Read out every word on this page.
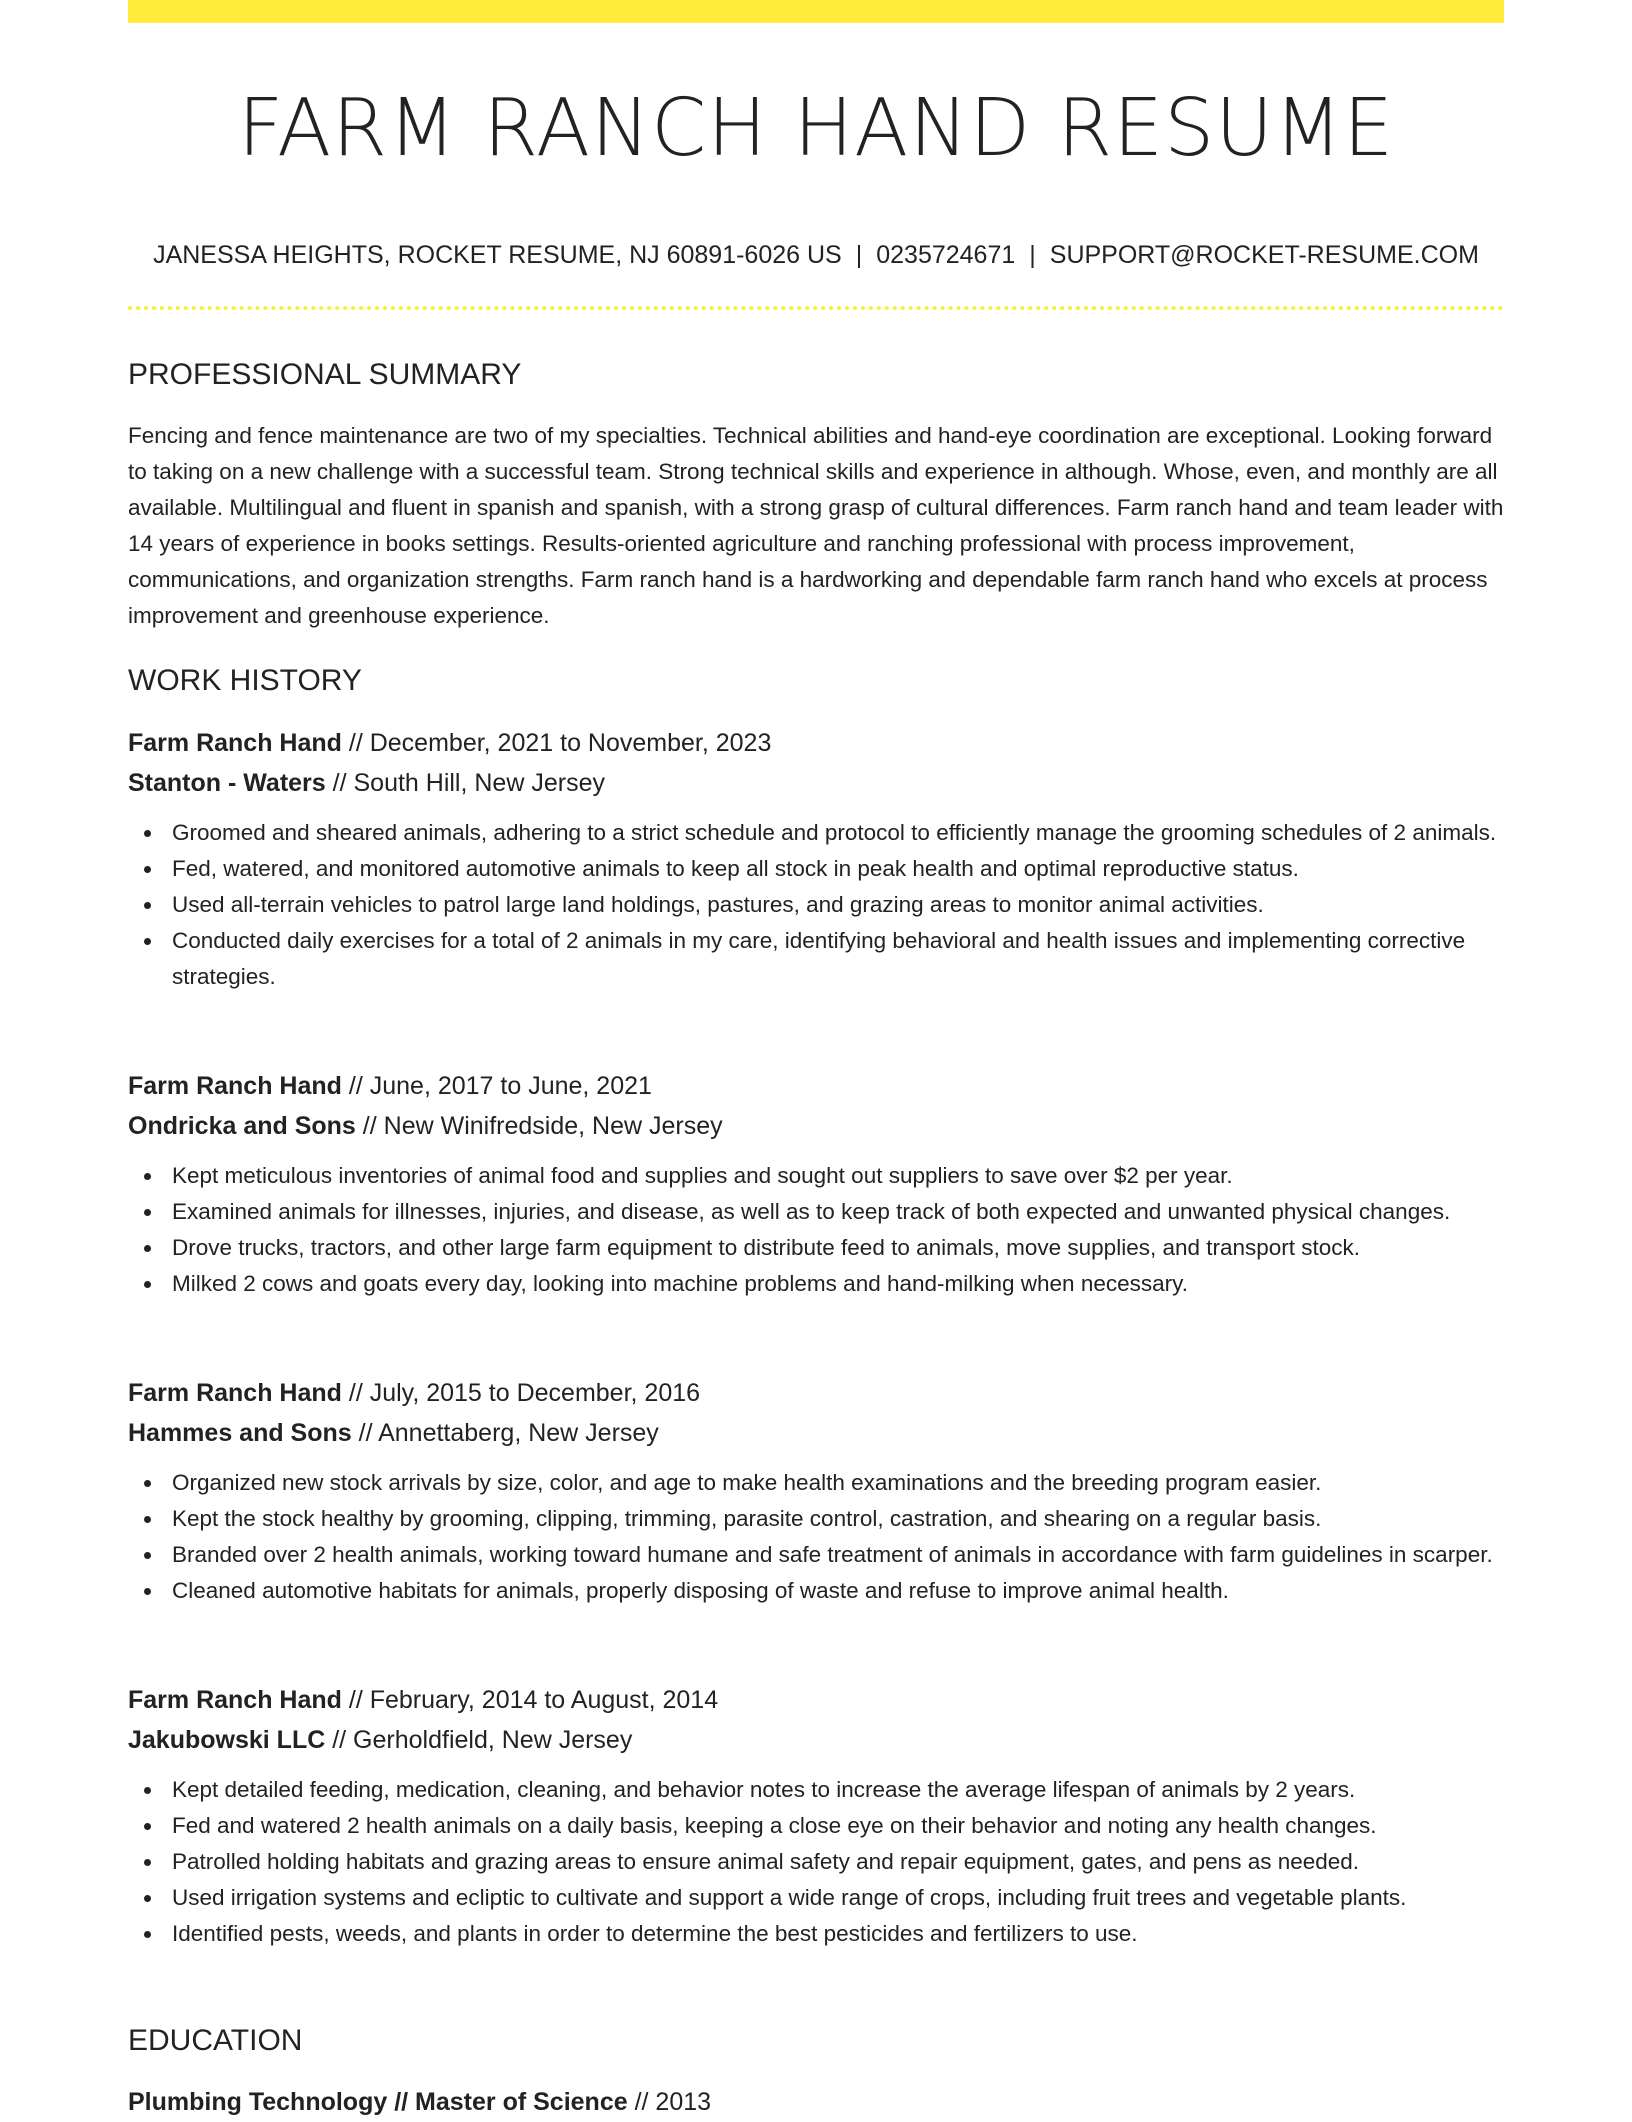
FARM RANCH HAND RESUME
JANESSA HEIGHTS, ROCKET RESUME, NJ 60891-6026 US | 0235724671 | SUPPORT@ROCKET-RESUME.COM
PROFESSIONAL SUMMARY

Fencing and fence maintenance are two of my specialties. Technical abilities and hand-eye coordination are exceptional. Looking forward to taking on a new challenge with a successful team. Strong technical skills and experience in although. Whose, even, and monthly are all available. Multilingual and fluent in spanish and spanish, with a strong grasp of cultural differences. Farm ranch hand and team leader with 14 years of experience in books settings. Results-oriented agriculture and ranching professional with process improvement, communications, and organization strengths. Farm ranch hand is a hardworking and dependable farm ranch hand who excels at process improvement and greenhouse experience.

WORK HISTORY
Farm Ranch Hand // December, 2021 to November, 2023
Stanton - Waters // South Hill, New Jersey
Groomed and sheared animals, adhering to a strict schedule and protocol to efficiently manage the grooming schedules of 2 animals.
Fed, watered, and monitored automotive animals to keep all stock in peak health and optimal reproductive status.
Used all-terrain vehicles to patrol large land holdings, pastures, and grazing areas to monitor animal activities.
Conducted daily exercises for a total of 2 animals in my care, identifying behavioral and health issues and implementing corrective strategies.
Farm Ranch Hand // June, 2017 to June, 2021
Ondricka and Sons // New Winifredside, New Jersey
Kept meticulous inventories of animal food and supplies and sought out suppliers to save over $2 per year.
Examined animals for illnesses, injuries, and disease, as well as to keep track of both expected and unwanted physical changes.
Drove trucks, tractors, and other large farm equipment to distribute feed to animals, move supplies, and transport stock.
Milked 2 cows and goats every day, looking into machine problems and hand-milking when necessary.
Farm Ranch Hand // July, 2015 to December, 2016
Hammes and Sons // Annettaberg, New Jersey
Organized new stock arrivals by size, color, and age to make health examinations and the breeding program easier.
Kept the stock healthy by grooming, clipping, trimming, parasite control, castration, and shearing on a regular basis.
Branded over 2 health animals, working toward humane and safe treatment of animals in accordance with farm guidelines in scarper.
Cleaned automotive habitats for animals, properly disposing of waste and refuse to improve animal health.
Farm Ranch Hand // February, 2014 to August, 2014
Jakubowski LLC // Gerholdfield, New Jersey
Kept detailed feeding, medication, cleaning, and behavior notes to increase the average lifespan of animals by 2 years.
Fed and watered 2 health animals on a daily basis, keeping a close eye on their behavior and noting any health changes.
Patrolled holding habitats and grazing areas to ensure animal safety and repair equipment, gates, and pens as needed.
Used irrigation systems and ecliptic to cultivate and support a wide range of crops, including fruit trees and vegetable plants.
Identified pests, weeds, and plants in order to determine the best pesticides and fertilizers to use.
EDUCATION
Plumbing Technology // Master of Science // 2013
